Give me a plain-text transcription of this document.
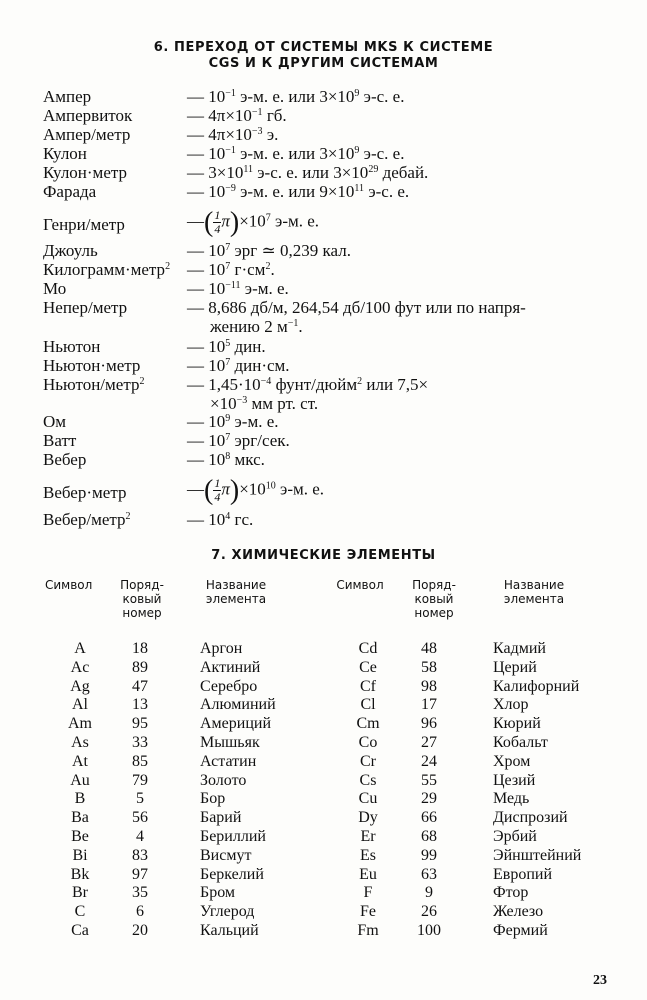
6. ПЕРЕХОД ОТ СИСТЕМЫ MKS К СИСТЕМЕ
CGS И К ДРУГИМ СИСТЕМАМ
Ампер	— $10^{-1}$ э-м. е. или $3\times 10^9$ э-с. е.
Ампервиток	— $4\pi\times 10^{-1}$ гб.
Ампер/метр	— $4\pi\times 10^{-3}$ э.
Кулон	— $10^{-1}$ э-м. е. или $3\times 10^9$ э-с. е.
Кулон·метр	— $3\times 10^{11}$ э-с. е. или $3\times 10^{29}$ дебай.
Фарада	— $10^{-9}$ э-м. е. или $9\times 10^{11}$ э-с. е.
Генри/метр	—( $\frac{1}{4} \pi)\times 10^7$ э-м. е.
Джоуль	— $10^7$ эрг ≃ 0,239 кал.
Килограмм·метр$^2$ — $10^7$ $г\cdot см^2$.
Мо	— $10^{-11}$ э-м. е.
Непер/метр	— 8,686 дб/м, 264,54 дб/100 фут или по напря-
жению 2 $м^{-1}$.
Ньютон	— $10^5$ дин.
Ньютон·метр	— $10^7$ дин·см.
Ньютон/метр$^2$	— $1,45\cdot 10^{-4}$ фунт/дюйм$^2$ или 7,5×
$\times 10^{-3}$ мм рт. ст.
Ом	— $10^9$ э-м. е.
Ватт	— $10^7$ эрг/сек.
Вебер	— $10^8$ мкс.
Вебер·метр	—( $\frac{1}{4} \pi)\times 10^{10}$ э-м. е.
Вебер/метр$^2$	— $10^4$ гс.
7. ХИМИЧЕСКИЕ ЭЛЕМЕНТЫ
Символ	Поряд-
ковый
номер
Название
элемента
Символ	Поряд-
ковый
номер
Название
элемента
A	18	Аргон	Cd	48	Кадмий
Ac	89	Актиний	Ce	58	Церий
Ag	47	Серебро	Cf	98	Калифорний
Al	13	Алюминий	Cl	17	Хлор
Am	95	Америций	Cm	96	Кюрий
As	33	Мышьяк	Co	27	Кобальт
At	85	Астатин	Cr	24	Хром
Au	79	Золото	Cs	55	Цезий
B	5	Бор	Cu	29	Медь
Ba	56	Барий	Dy	66	Диспрозий
Be	4	Бериллий	Er	68	Эрбий
Bi	83	Висмут	Es	99	Эйнштейний
Bk	97	Беркелий	Eu	63	Европий
Br	35	Бром	F	9	Фтор
C	6	Углерод	Fe	26	Железо
Ca	20	Кальций	Fm	100	Фермий
23
